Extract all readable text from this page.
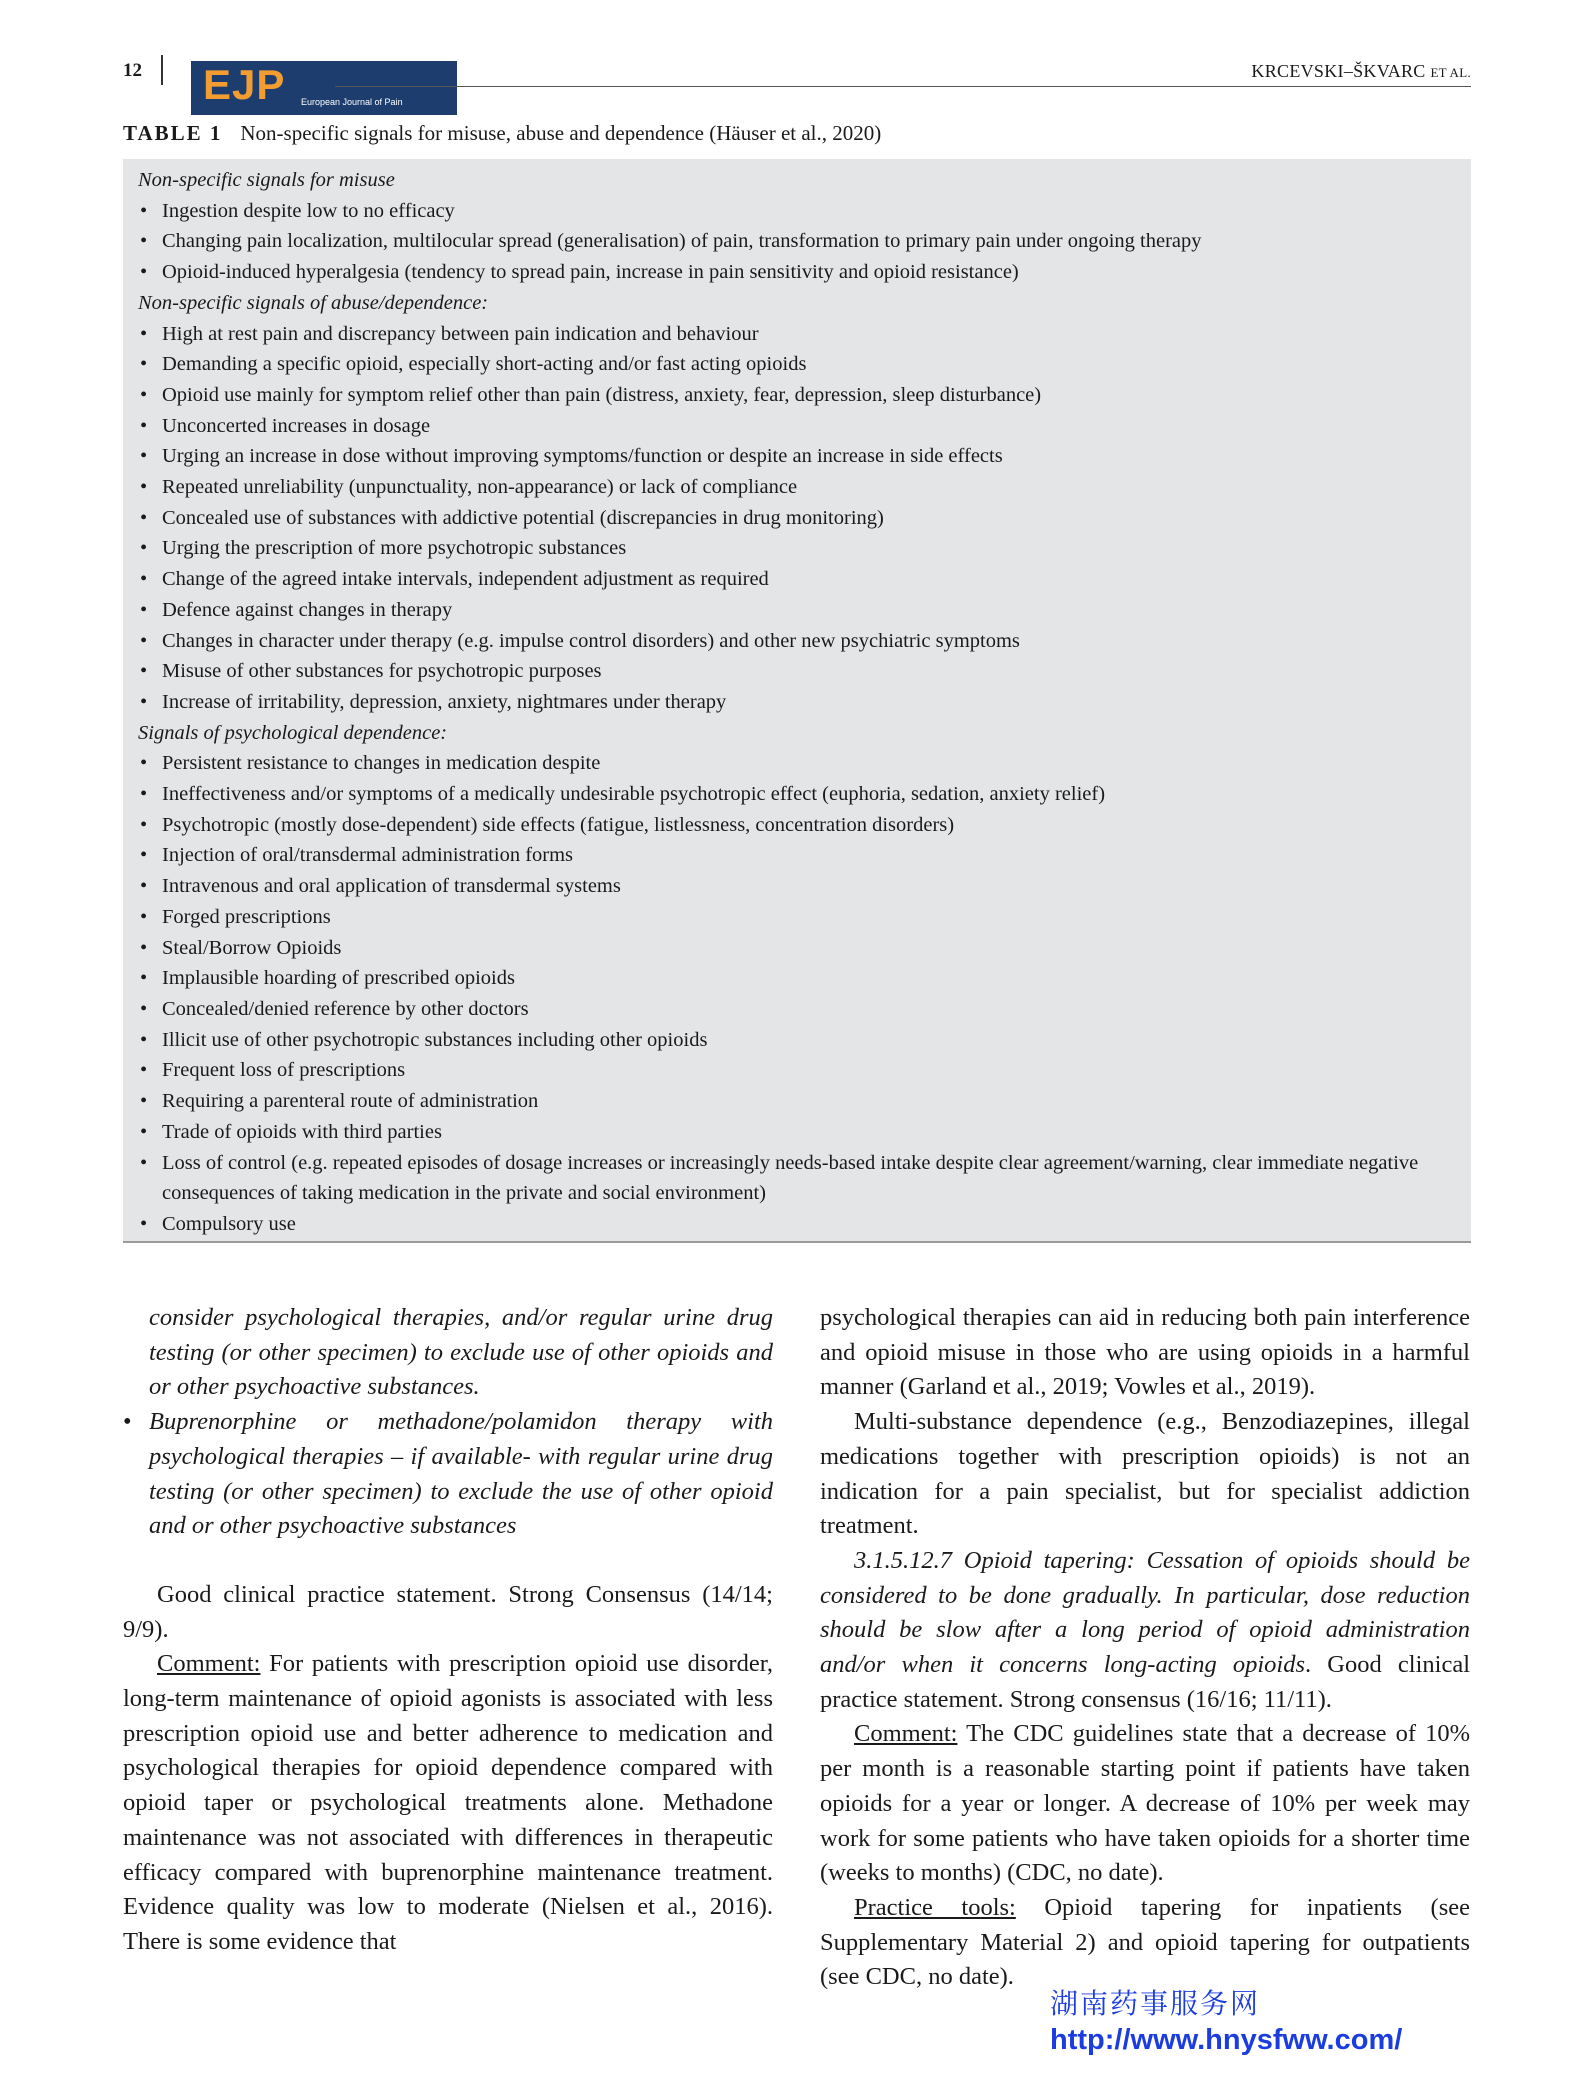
12 EJP European Journal of Pain
KRCEVSKI–ŠKVARC ET AL.
TABLE 1 Non-specific signals for misuse, abuse and dependence (Häuser et al., 2020)
Non-specific signals for misuse
• Ingestion despite low to no efficacy
• Changing pain localization, multilocular spread (generalisation) of pain, transformation to primary pain under ongoing therapy
• Opioid-induced hyperalgesia (tendency to spread pain, increase in pain sensitivity and opioid resistance)
Non-specific signals of abuse/dependence:
• High at rest pain and discrepancy between pain indication and behaviour
• Demanding a specific opioid, especially short-acting and/or fast acting opioids
• Opioid use mainly for symptom relief other than pain (distress, anxiety, fear, depression, sleep disturbance)
• Unconcerted increases in dosage
• Urging an increase in dose without improving symptoms/function or despite an increase in side effects
• Repeated unreliability (unpunctuality, non-appearance) or lack of compliance
• Concealed use of substances with addictive potential (discrepancies in drug monitoring)
• Urging the prescription of more psychotropic substances
• Change of the agreed intake intervals, independent adjustment as required
• Defence against changes in therapy
• Changes in character under therapy (e.g. impulse control disorders) and other new psychiatric symptoms
• Misuse of other substances for psychotropic purposes
• Increase of irritability, depression, anxiety, nightmares under therapy
Signals of psychological dependence:
• Persistent resistance to changes in medication despite
• Ineffectiveness and/or symptoms of a medically undesirable psychotropic effect (euphoria, sedation, anxiety relief)
• Psychotropic (mostly dose-dependent) side effects (fatigue, listlessness, concentration disorders)
• Injection of oral/transdermal administration forms
• Intravenous and oral application of transdermal systems
• Forged prescriptions
• Steal/Borrow Opioids
• Implausible hoarding of prescribed opioids
• Concealed/denied reference by other doctors
• Illicit use of other psychotropic substances including other opioids
• Frequent loss of prescriptions
• Requiring a parenteral route of administration
• Trade of opioids with third parties
• Loss of control (e.g. repeated episodes of dosage increases or increasingly needs-based intake despite clear agreement/warning, clear immediate negative consequences of taking medication in the private and social environment)
• Compulsory use

consider psychological therapies, and/or regular urine drug testing (or other specimen) to exclude use of other opioids and or other psychoactive substances.

• Buprenorphine or methadone/polamidon therapy with psychological therapies – if available- with regular urine drug testing (or other specimen) to exclude the use of other opioid and or other psychoactive substances

Good clinical practice statement. Strong Consensus (14/14; 9/9).

Comment: For patients with prescription opioid use disorder, long-term maintenance of opioid agonists is associated with less prescription opioid use and better adherence to medication and psychological therapies for opioid dependence compared with opioid taper or psychological treatments alone. Methadone maintenance was not associated with differences in therapeutic efficacy compared with buprenorphine maintenance treatment. Evidence quality was low to moderate (Nielsen et al., 2016). There is some evidence that

psychological therapies can aid in reducing both pain interference and opioid misuse in those who are using opioids in a harmful manner (Garland et al., 2019; Vowles et al., 2019).

Multi-substance dependence (e.g., Benzodiazepines, illegal medications together with prescription opioids) is not an indication for a pain specialist, but for specialist addiction treatment.

3.1.5.12.7 Opioid tapering: Cessation of opioids should be considered to be done gradually. In particular, dose reduction should be slow after a long period of opioid administration and/or when it concerns long-acting opioids. Good clinical practice statement. Strong consensus (16/16; 11/11).

Comment: The CDC guidelines state that a decrease of 10% per month is a reasonable starting point if patients have taken opioids for a year or longer. A decrease of 10% per week may work for some patients who have taken opioids for a shorter time (weeks to months) (CDC, no date).

Practice tools: Opioid tapering for inpatients (see Supplementary Material 2) and opioid tapering for outpatients (see CDC, no date).

湖南药事服务网
http://www.hnysfww.com/
